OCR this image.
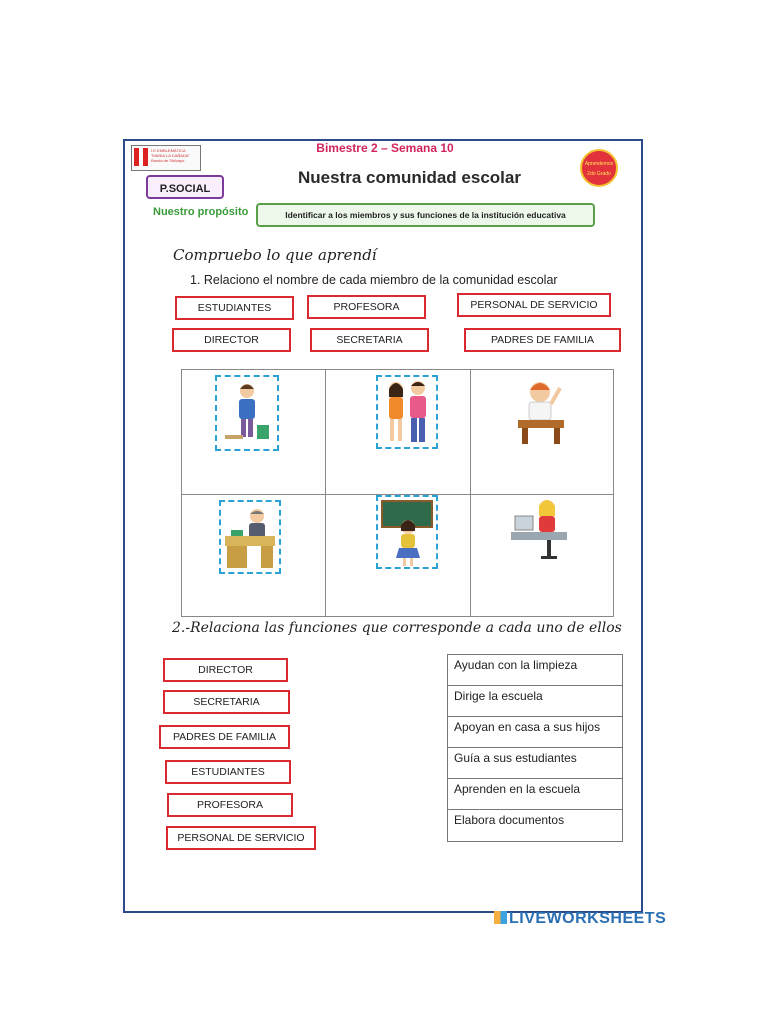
I.E.EMBLEMÁTICA "MARIA LA CAÑADA" Banda de Shilcayo
Bimestre 2 – Semana 10
Aprendemos
2do Grado
P.SOCIAL
Nuestra comunidad escolar
Nuestro propósito	Identificar a los miembros y sus funciones de la institución educativa
Compruebo lo que aprendí
1. Relaciono el nombre de cada miembro de la comunidad escolar
ESTUDIANTES	PROFESORA	PERSONAL DE SERVICIO
DIRECTOR	SECRETARIA	PADRES DE FAMILIA
2.-Relaciona las funciones que corresponde a cada uno de ellos
DIRECTOR
SECRETARIA
PADRES DE FAMILIA
ESTUDIANTES
PROFESORA
PERSONAL DE SERVICIO
Ayudan con la limpieza
Dirige la escuela
Apoyan en casa a sus hijos
Guía a sus estudiantes
Aprenden en la escuela
Elabora documentos
LIVEWORKSHEETS
